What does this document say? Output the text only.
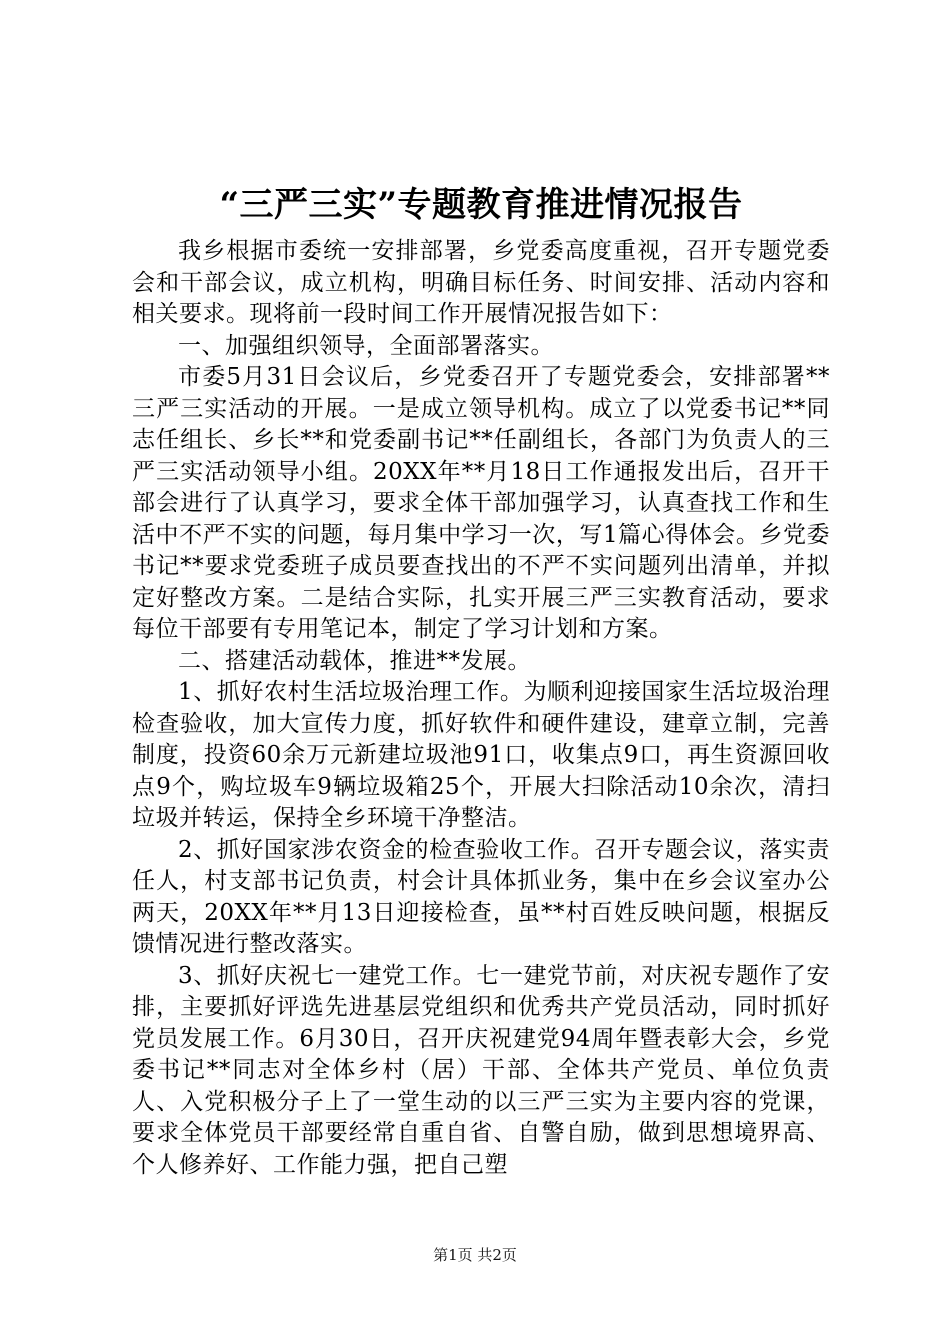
“三严三实”专题教育推进情况报告

我乡根据市委统一安排部署，乡党委高度重视，召开专题党委会和干部会议，成立机构，明确目标任务、时间安排、活动内容和相关要求。现将前一段时间工作开展情况报告如下：

一、加强组织领导，全面部署落实。

市委5月31日会议后，乡党委召开了专题党委会，安排部署**三严三实活动的开展。一是成立领导机构。成立了以党委书记**同志任组长、乡长**和党委副书记**任副组长，各部门为负责人的三严三实活动领导小组。20XX年**月18日工作通报发出后，召开干部会进行了认真学习，要求全体干部加强学习，认真查找工作和生活中不严不实的问题，每月集中学习一次，写1篇心得体会。乡党委书记**要求党委班子成员要查找出的不严不实问题列出清单，并拟定好整改方案。二是结合实际，扎实开展三严三实教育活动，要求每位干部要有专用笔记本，制定了学习计划和方案。

二、搭建活动载体，推进**发展。

1、抓好农村生活垃圾治理工作。为顺利迎接国家生活垃圾治理检查验收，加大宣传力度，抓好软件和硬件建设，建章立制，完善制度，投资60余万元新建垃圾池91口，收集点9口，再生资源回收点9个，购垃圾车9辆垃圾箱25个，开展大扫除活动10余次，清扫垃圾并转运，保持全乡环境干净整洁。

2、抓好国家涉农资金的检查验收工作。召开专题会议，落实责任人，村支部书记负责，村会计具体抓业务，集中在乡会议室办公两天，20XX年**月13日迎接检查，虽**村百姓反映问题，根据反馈情况进行整改落实。

3、抓好庆祝七一建党工作。七一建党节前，对庆祝专题作了安排，主要抓好评选先进基层党组织和优秀共产党员活动，同时抓好党员发展工作。6月30日，召开庆祝建党94周年暨表彰大会，乡党委书记**同志对全体乡村（居）干部、全体共产党员、单位负责人、入党积极分子上了一堂生动的以三严三实为主要内容的党课，要求全体党员干部要经常自重自省、自警自励，做到思想境界高、个人修养好、工作能力强，把自己塑

第1页 共2页
